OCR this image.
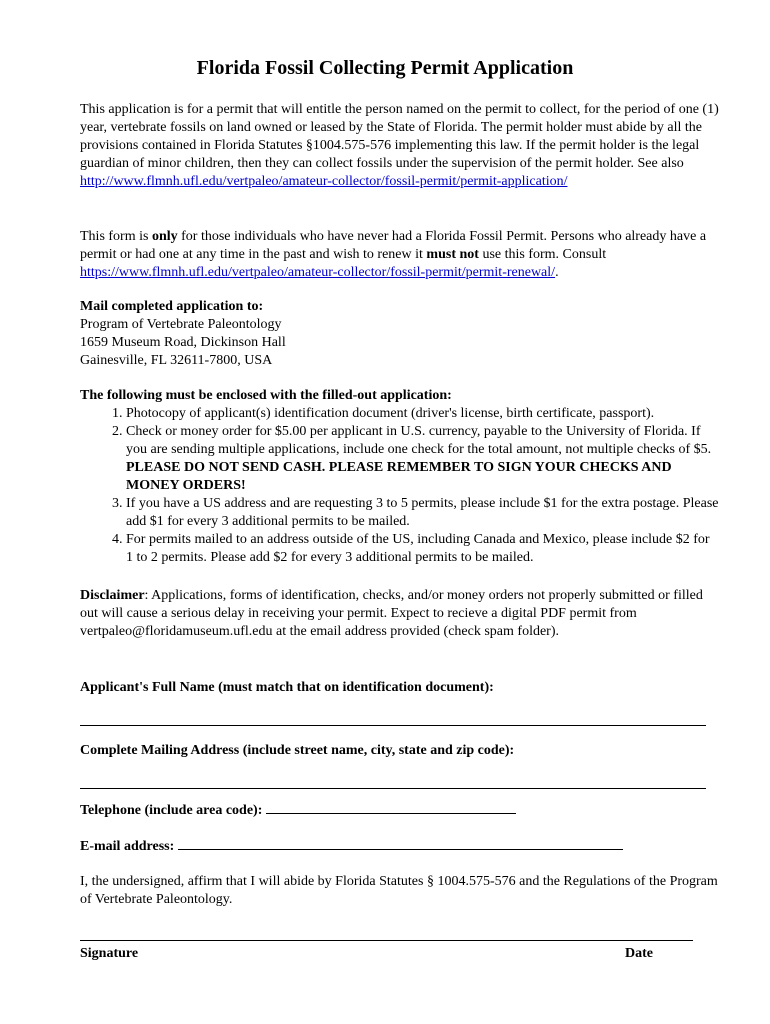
Florida Fossil Collecting Permit Application
This application is for a permit that will entitle the person named on the permit to collect, for the period of one (1) year, vertebrate fossils on land owned or leased by the State of Florida. The permit holder must abide by all the provisions contained in Florida Statutes §1004.575-576 implementing this law. If the permit holder is the legal guardian of minor children, then they can collect fossils under the supervision of the permit holder. See also http://www.flmnh.ufl.edu/vertpaleo/amateur-collector/fossil-permit/permit-application/
This form is only for those individuals who have never had a Florida Fossil Permit. Persons who already have a permit or had one at any time in the past and wish to renew it must not use this form. Consult https://www.flmnh.ufl.edu/vertpaleo/amateur-collector/fossil-permit/permit-renewal/.
Mail completed application to:
Program of Vertebrate Paleontology
1659 Museum Road, Dickinson Hall
Gainesville, FL 32611-7800, USA
The following must be enclosed with the filled-out application:
1. Photocopy of applicant(s) identification document (driver's license, birth certificate, passport).
2. Check or money order for $5.00 per applicant in U.S. currency, payable to the University of Florida. If you are sending multiple applications, include one check for the total amount, not multiple checks of $5. PLEASE DO NOT SEND CASH. PLEASE REMEMBER TO SIGN YOUR CHECKS AND MONEY ORDERS!
3. If you have a US address and are requesting 3 to 5 permits, please include $1 for the extra postage. Please add $1 for every 3 additional permits to be mailed.
4. For permits mailed to an address outside of the US, including Canada and Mexico, please include $2 for 1 to 2 permits. Please add $2 for every 3 additional permits to be mailed.
Disclaimer: Applications, forms of identification, checks, and/or money orders not properly submitted or filled out will cause a serious delay in receiving your permit. Expect to recieve a digital PDF permit from vertpaleo@floridamuseum.ufl.edu at the email address provided (check spam folder).
Applicant's Full Name (must match that on identification document):
Complete Mailing Address (include street name, city, state and zip code):
Telephone (include area code):
E-mail address:
I, the undersigned, affirm that I will abide by Florida Statutes § 1004.575-576 and the Regulations of the Program of Vertebrate Paleontology.
Signature	Date
